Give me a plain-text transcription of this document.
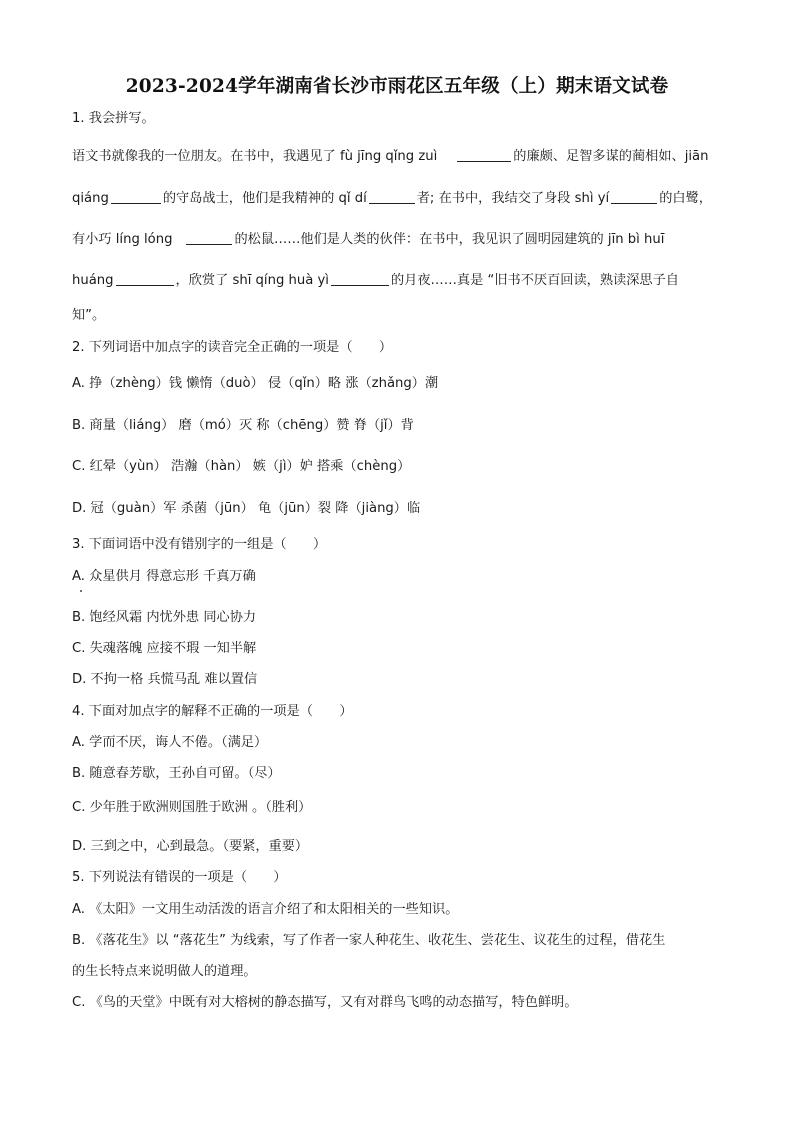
2023-2024学年湖南省长沙市雨花区五年级（上）期末语文试卷
1. 我会拼写。
语文书就像我的一位朋友。在书中，我遇见了 fù jīng qǐng zuì	的廉颇、足智多谋的蔺相如、jiān
qiáng	的守岛战士，他们是我精神的 qǐ dí	者; 在书中，我结交了身段 shì yí	的白鹭，
有小巧 líng lóng	的松鼠……他们是人类的伙伴：在书中，我见识了圆明园建筑的 jīn bì huī
huáng	，欣赏了 shī qíng huà yì	的月夜……真是 “旧书不厌百回读，熟读深思子自
知”。
2. 下列词语中加点字的读音完全正确的一项是（　　）
A. 挣（zhèng）钱 懒惰（duò） 侵（qǐn）略 涨（zhǎng）潮
B. 商量（liáng） 磨（mó）灭 称（chēng）赞 脊（jǐ）背
C. 红晕（yùn） 浩瀚（hàn） 嫉（jì）妒 搭乘（chèng）
D. 冠（guàn）军 杀菌（jūn） 龟（jūn）裂 降（jiàng）临
3. 下面词语中没有错别字的一组是（　　）
A. 众星供月 得意忘形 千真万确
B. 饱经风霜 内忧外患 同心协力
C. 失魂落魄 应接不瑕 一知半解
D. 不拘一格 兵慌马乱 难以置信
4. 下面对加点字的解释不正确的一项是（　　）
A. 学而不厌，诲人不倦。（满足）
B. 随意春芳歇，王孙自可留。（尽）
C. 少年胜于欧洲则国胜于欧洲 。（胜利）
D. 三到之中，心到最急。（要紧，重要）
5. 下列说法有错误的一项是（　　）
A. 《太阳》一文用生动活泼的语言介绍了和太阳相关的一些知识。
B. 《落花生》以 “落花生” 为线索，写了作者一家人种花生、收花生、尝花生、议花生的过程，借花生
的生长特点来说明做人的道理。
C. 《鸟的天堂》中既有对大榕树的静态描写，又有对群鸟飞鸣的动态描写，特色鲜明。
